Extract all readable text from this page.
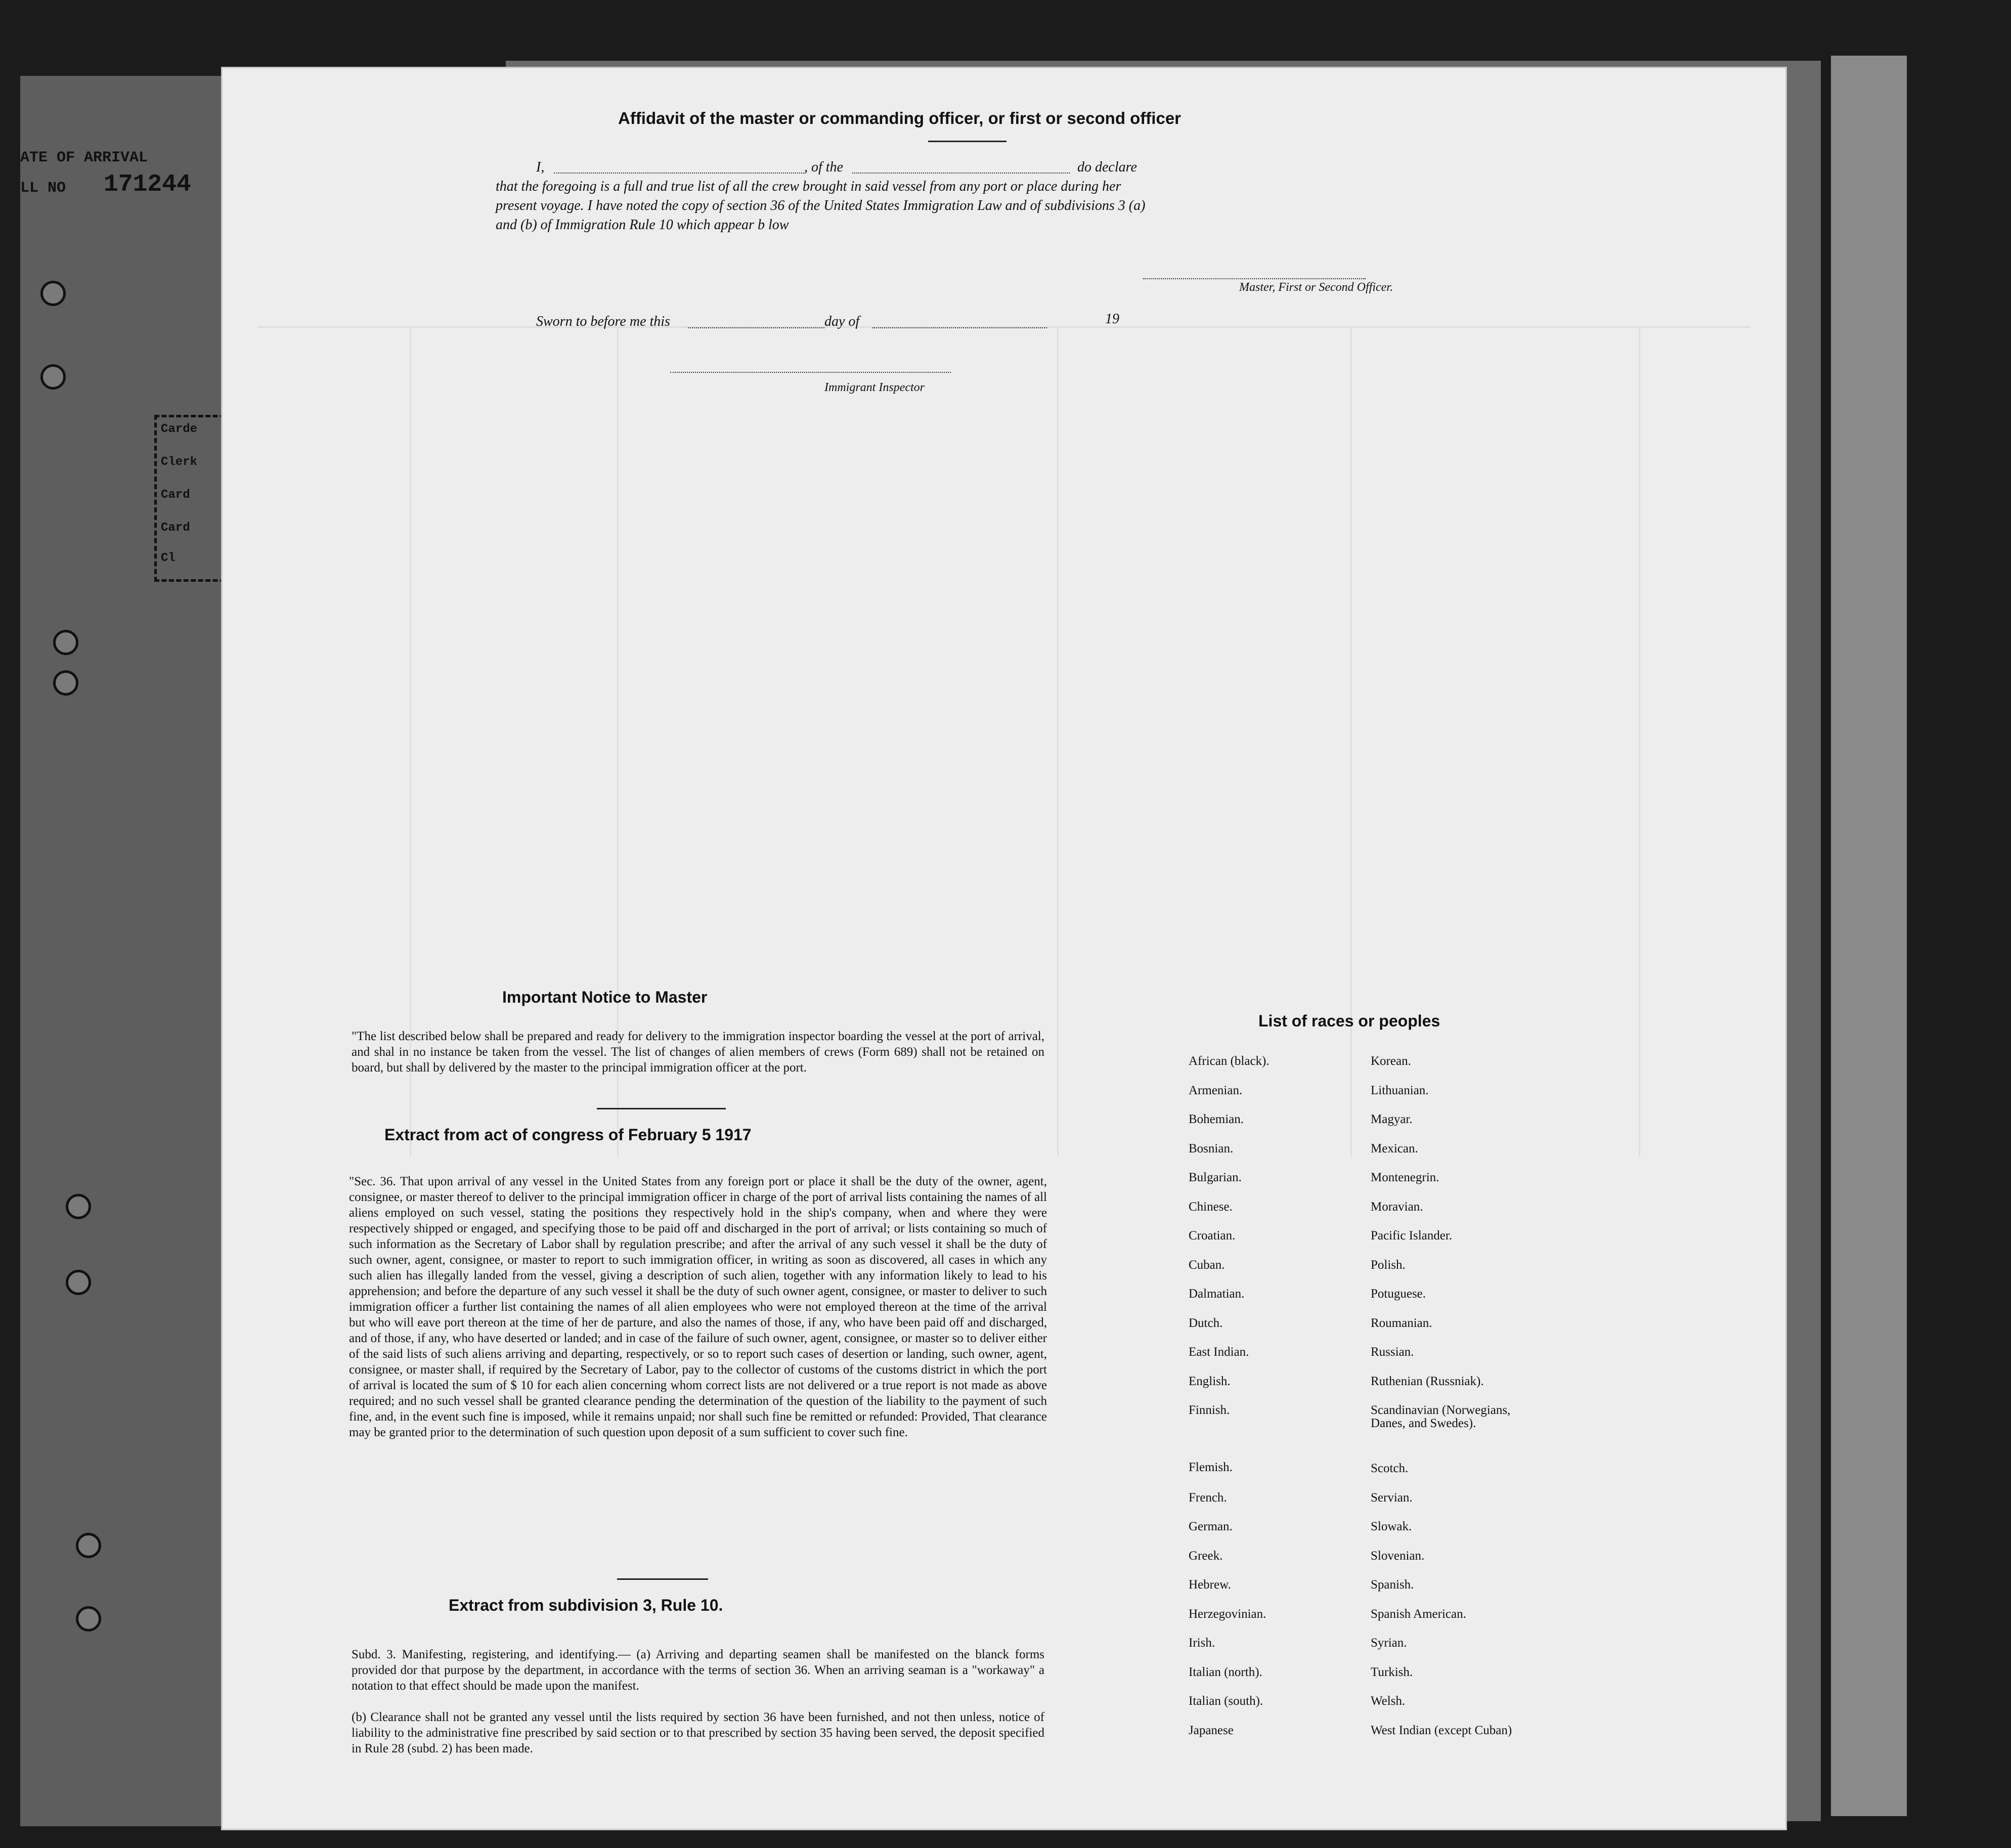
ATE OF ARRIVAL
LL NO 171244
Carde
Clerk
Card
Card
Cl
Affidavit of the master or commanding officer, or first or second officer
I,	, of the	do declare
that the foregoing is a full and true list of all the crew brought in said vessel from any port or place during her
present voyage. I have noted the copy of section 36 of the United States Immigration Law and of subdivisions 3 (a)
and (b) of Immigration Rule 10 which appear b low
Master, First or Second Officer.
Sworn to before me this	day of	19
Immigrant Inspector
Important Notice to Master
"The list described below shall be prepared and ready for delivery to the immigration inspector boarding the vessel at the port of arrival, and shal in no instance be taken from the vessel. The list of changes of alien members of crews (Form 689) shall not be retained on board, but shall by delivered by the master to the principal immigration officer at the port.
Extract from act of congress of February 5 1917
"Sec. 36. That upon arrival of any vessel in the United States from any foreign port or place it shall be the duty of the owner, agent, consignee, or master thereof to deliver to the principal immigration officer in charge of the port of arrival lists containing the names of all aliens employed on such vessel, stating the positions they respectively hold in the ship's company, when and where they were respectively shipped or engaged, and specifying those to be paid off and discharged in the port of arrival; or lists containing so much of such information as the Secretary of Labor shall by regulation prescribe; and after the arrival of any such vessel it shall be the duty of such owner, agent, consignee, or master to report to such immigration officer, in writing as soon as discovered, all cases in which any such alien has illegally landed from the vessel, giving a description of such alien, together with any information likely to lead to his apprehension; and before the departure of any such vessel it shall be the duty of such owner agent, consignee, or master to deliver to such immigration officer a further list containing the names of all alien employees who were not employed thereon at the time of the arrival but who will eave port thereon at the time of her de parture, and also the names of those, if any, who have been paid off and discharged, and of those, if any, who have deserted or landed; and in case of the failure of such owner, agent, consignee, or master so to deliver either of the said lists of such aliens arriving and departing, respectively, or so to report such cases of desertion or landing, such owner, agent, consignee, or master shall, if required by the Secretary of Labor, pay to the collector of customs of the customs district in which the port of arrival is located the sum of $ 10 for each alien concerning whom correct lists are not delivered or a true report is not made as above required; and no such vessel shall be granted clearance pending the determination of the question of the liability to the payment of such fine, and, in the event such fine is imposed, while it remains unpaid; nor shall such fine be remitted or refunded: Provided, That clearance may be granted prior to the determination of such question upon deposit of a sum sufficient to cover such fine.
Extract from subdivision 3, Rule 10.
Subd. 3. Manifesting, registering, and identifying.— (a) Arriving and departing seamen shall be manifested on the blanck forms provided dor that purpose by the department, in accordance with the terms of section 36. When an arriving seaman is a "workaway" a notation to that effect should be made upon the manifest.
(b) Clearance shall not be granted any vessel until the lists required by section 36 have been furnished, and not then unless, notice of liability to the administrative fine prescribed by said section or to that prescribed by section 35 having been served, the deposit specified in Rule 28 (subd. 2) has been made.
List of races or peoples
African (black).	Korean.
Armenian.	Lithuanian.
Bohemian.	Magyar.
Bosnian.	Mexican.
Bulgarian.	Montenegrin.
Chinese.	Moravian.
Croatian.	Pacific Islander.
Cuban.	Polish.
Dalmatian.	Potuguese.
Dutch.	Roumanian.
East Indian.	Russian.
English.	Ruthenian (Russniak).
Finnish.	Scandinavian (Norwegians,
Danes, and Swedes).
Flemish.	Scotch.
French.	Servian.
German.	Slowak.
Greek.	Slovenian.
Hebrew.	Spanish.
Herzegovinian.	Spanish American.
Irish.	Syrian.
Italian (north).	Turkish.
Italian (south).	Welsh.
Japanese	West Indian (except Cuban)
